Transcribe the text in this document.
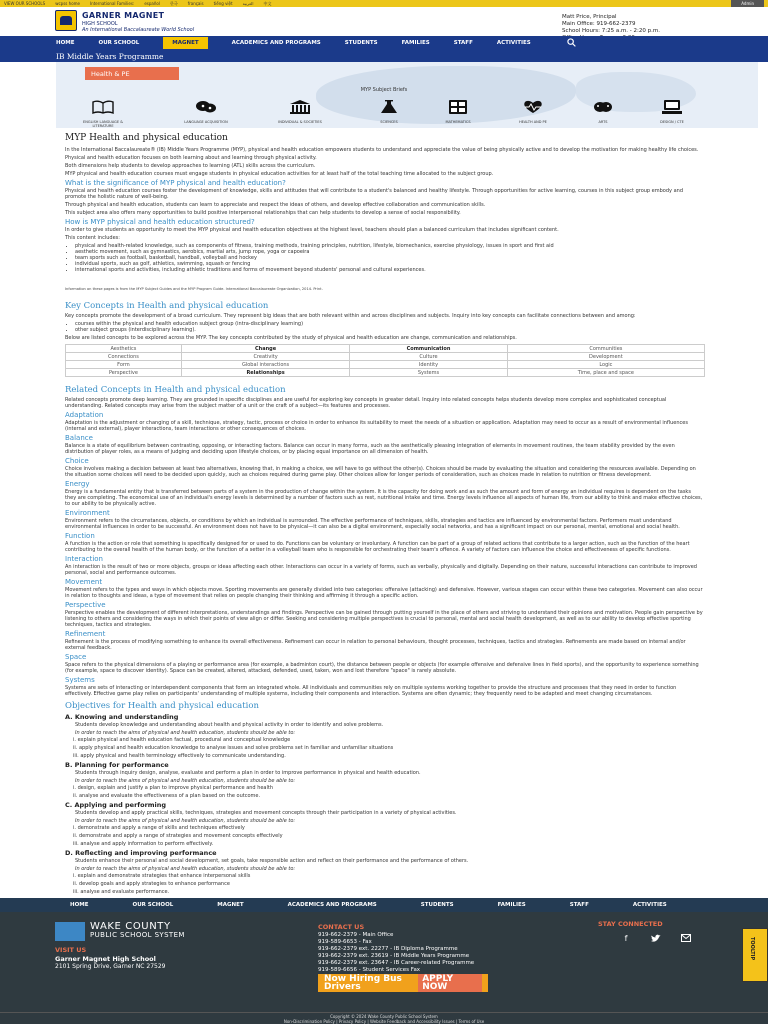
VIEW OUR SCHOOLS	wcpss home	International Families:	español	한국	français	tiếng việt	العربية	中文	Admin
GARNER MAGNET
HIGH SCHOOL
An International Baccalaureate World School
Matt Price, Principal
Main Office: 919-662-2379
School Hours: 7:25 a.m. - 2:20 p.m.
HOME	OUR SCHOOL	MAGNET	ACADEMICS AND PROGRAMS	STUDENTS	FAMILIES	STAFF	ACTIVITIES
IB Middle Years Programme
Health & PE
MYP Subject Briefs
ENGLISH LANGUAGE & LITERATURE
LANGUAGE ACQUISITION	INDIVIDUAL & SOCIETIES	SCIENCES	MATHEMATICS	HEALTH AND PE	ARTS	DESIGN / CTE
MYP Health and physical education
In the International Baccalaureate® (IB) Middle Years Programme (MYP), physical and health education empowers students to understand and appreciate the value of being physically active and to develop the motivation for making healthy life choices.
Physical and health education focuses on both learning about and learning through physical activity.
Both dimensions help students to develop approaches to learning (ATL) skills across the curriculum.
MYP physical and health education courses must engage students in physical education activities for at least half of the total teaching time allocated to the subject group.
What is the significance of MYP physical and health education?
Physical and health education courses foster the development of knowledge, skills and attitudes that will contribute to a student's balanced and healthy lifestyle. Through opportunities for active learning, courses in this subject group embody and promote the holistic nature of well-being.
Through physical and health education, students can learn to appreciate and respect the ideas of others, and develop effective collaboration and communication skills.
This subject area also offers many opportunities to build positive interpersonal relationships that can help students to develop a sense of social responsibility.
How is MYP physical and health education structured?
In order to give students an opportunity to meet the MYP physical and health education objectives at the highest level, teachers should plan a balanced curriculum that includes significant content.
This content includes:
• physical and health-related knowledge, such as components of fitness, training methods, training principles, nutrition, lifestyle, biomechanics, exercise physiology, issues in sport and first aid
• aesthetic movement, such as gymnastics, aerobics, martial arts, jump rope, yoga or capoeira
• team sports such as football, basketball, handball, volleyball and hockey
• individual sports, such as golf, athletics, swimming, squash or fencing
• international sports and activities, including athletic traditions and forms of movement beyond students' personal and cultural experiences.
Information on these pages is from the MYP Subject Guides and the MYP Program Guide. International Baccalaureate Organization, 2014. Print.
Key Concepts in Health and physical education
Key concepts promote the development of a broad curriculum. They represent big ideas that are both relevant within and across disciplines and subjects. Inquiry into key concepts can facilitate connections between and among:
• courses within the physical and health education subject group (intra-disciplinary learning)
• other subject groups (interdisciplinary learning).
Below are listed concepts to be explored across the MYP. The key concepts contributed by the study of physical and health education are change, communication and relationships.
Aesthetics	Change	Communication	Communities
Connections	Creativity	Culture	Development
Form	Global interactions	Identity	Logic
Perspective	Relationships	Systems	Time, place and space
Related Concepts in Health and physical education
Related concepts promote deep learning. They are grounded in specific disciplines and are useful for exploring key concepts in greater detail. Inquiry into related concepts helps students develop more complex and sophisticated conceptual understanding. Related concepts may arise from the subject matter of a unit or the craft of a subject—its features and processes.
Adaptation
Adaptation is the adjustment or changing of a skill, technique, strategy, tactic, process or choice in order to enhance its suitability to meet the needs of a situation or application. Adaptation may need to occur as a result of environmental influences (internal and external), player interactions, team interactions or other consequences of choices.
Balance
Balance is a state of equilibrium between contrasting, opposing, or interacting factors. Balance can occur in many forms, such as the aesthetically pleasing integration of elements in movement routines, the team stability provided by the even distribution of player roles, as a means of judging and deciding upon lifestyle choices, or by placing equal importance on all dimension of health.
Choice
Choice involves making a decision between at least two alternatives, knowing that, in making a choice, we will have to go without the other(s). Choices should be made by evaluating the situation and considering the resources available. Depending on the situation some choices will need to be decided upon quickly, such as choices required during game play. Other choices allow for longer periods of consideration, such as choices made in relation to nutrition or fitness development.
Energy
Energy is a fundamental entity that is transferred between parts of a system in the production of change within the system. It is the capacity for doing work and as such the amount and form of energy an individual requires is dependent on the tasks they are completing. The economical use of an individual's energy levels is determined by a number of factors such as rest, nutritional intake and time. Energy levels influence all aspects of human life, from our ability to think and make effective choices, to our ability to be physically active.
Environment
Environment refers to the circumstances, objects, or conditions by which an individual is surrounded. The effective performance of techniques, skills, strategies and tactics are influenced by environmental factors. Performers must understand environmental influences in order to be successful. An environment does not have to be physical—it can also be a digital environment, especially social networks, and has a significant impact on our personal, mental, emotional and social health.
Function
A function is the action or role that something is specifically designed for or used to do. Functions can be voluntary or involuntary. A function can be part of a group of related actions that contribute to a larger action, such as the function of the heart contributing to the overall health of the human body, or the function of a setter in a volleyball team who is responsible for orchestrating their team's offence. A variety of factors can influence the choice and effectiveness of specific functions.
Interaction
An interaction is the result of two or more objects, groups or ideas affecting each other. Interactions can occur in a variety of forms, such as verbally, physically and digitally. Depending on their nature, successful interactions can contribute to improved personal, social and performance outcomes.
Movement
Movement refers to the types and ways in which objects move. Sporting movements are generally divided into two categories: offensive (attacking) and defensive. However, various stages can occur within these two categories. Movement can also occur in relation to thoughts and ideas, a type of movement that relies on people changing their thinking and affirming it through a specific action.
Perspective
Perspective enables the development of different interpretations, understandings and findings. Perspective can be gained through putting yourself in the place of others and striving to understand their opinions and motivation. People gain perspective by listening to others and considering the ways in which their points of view align or differ. Seeking and considering multiple perspectives is crucial to personal, mental and social health development, as well as to our ability to develop effective sporting techniques, tactics and strategies.
Refinement
Refinement is the process of modifying something to enhance its overall effectiveness. Refinement can occur in relation to personal behaviours, thought processes, techniques, tactics and strategies. Refinements are made based on internal and/or external feedback.
Space
Space refers to the physical dimensions of a playing or performance area (for example, a badminton court), the distance between people or objects (for example offensive and defensive lines in field sports), and the opportunity to experience something (for example, space to discover identity). Space can be created, altered, attacked, defended, used, taken, won and lost therefore "space" is rarely absolute.
Systems
Systems are sets of interacting or interdependent components that form an integrated whole. All individuals and communities rely on multiple systems working together to provide the structure and processes that they need in order to function effectively. Effective game play relies on participants' understanding of multiple systems, including their components and interaction. Systems are often dynamic; they frequently need to be adapted and meet changing circumstances.
Objectives for Health and physical education
A. Knowing and understanding
Students develop knowledge and understanding about health and physical activity in order to identify and solve problems.
In order to reach the aims of physical and health education, students should be able to:
i. explain physical and health education factual, procedural and conceptual knowledge
ii. apply physical and health education knowledge to analyse issues and solve problems set in familiar and unfamiliar situations
iii. apply physical and health terminology effectively to communicate understanding.
B. Planning for performance
Students through inquiry design, analyse, evaluate and perform a plan in order to improve performance in physical and health education.
In order to reach the aims of physical and health education, students should be able to:
i. design, explain and justify a plan to improve physical performance and health
ii. analyse and evaluate the effectiveness of a plan based on the outcome.
C. Applying and performing
Students develop and apply practical skills, techniques, strategies and movement concepts through their participation in a variety of physical activities.
In order to reach the aims of physical and health education, students should be able to:
i. demonstrate and apply a range of skills and techniques effectively
ii. demonstrate and apply a range of strategies and movement concepts effectively
iii. analyse and apply information to perform effectively.
D. Reflecting and improving performance
Students enhance their personal and social development, set goals, take responsible action and reflect on their performance and the performance of others.
In order to reach the aims of physical and health education, students should be able to:
i. explain and demonstrate strategies that enhance interpersonal skills
ii. develop goals and apply strategies to enhance performance
iii. analyse and evaluate performance.
HOME	OUR SCHOOL	MAGNET	ACADEMICS AND PROGRAMS	STUDENTS	FAMILIES	STAFF	ACTIVITIES
WAKE COUNTY
PUBLIC SCHOOL SYSTEM
VISIT US
Garner Magnet High School
2101 Spring Drive, Garner NC 27529
CONTACT US
919-662-2379 - Main Office
919-589-6653 - Fax
919-662-2379 ext. 22277 - IB Diploma Programme
919-662-2379 ext. 23619 - IB Middle Years Programme
919-662-2379 ext. 23647 - IB Career-related Programme
919-589-6656 - Student Services Fax
Now Hiring Bus Drivers
APPLY NOW
STAY CONNECTED
f	TOOLTIP
Copyright © 2024 Wake County Public School System
Non-Discrimination Policy | Privacy Policy | Website Feedback and Accessibility Issues | Terms of Use
